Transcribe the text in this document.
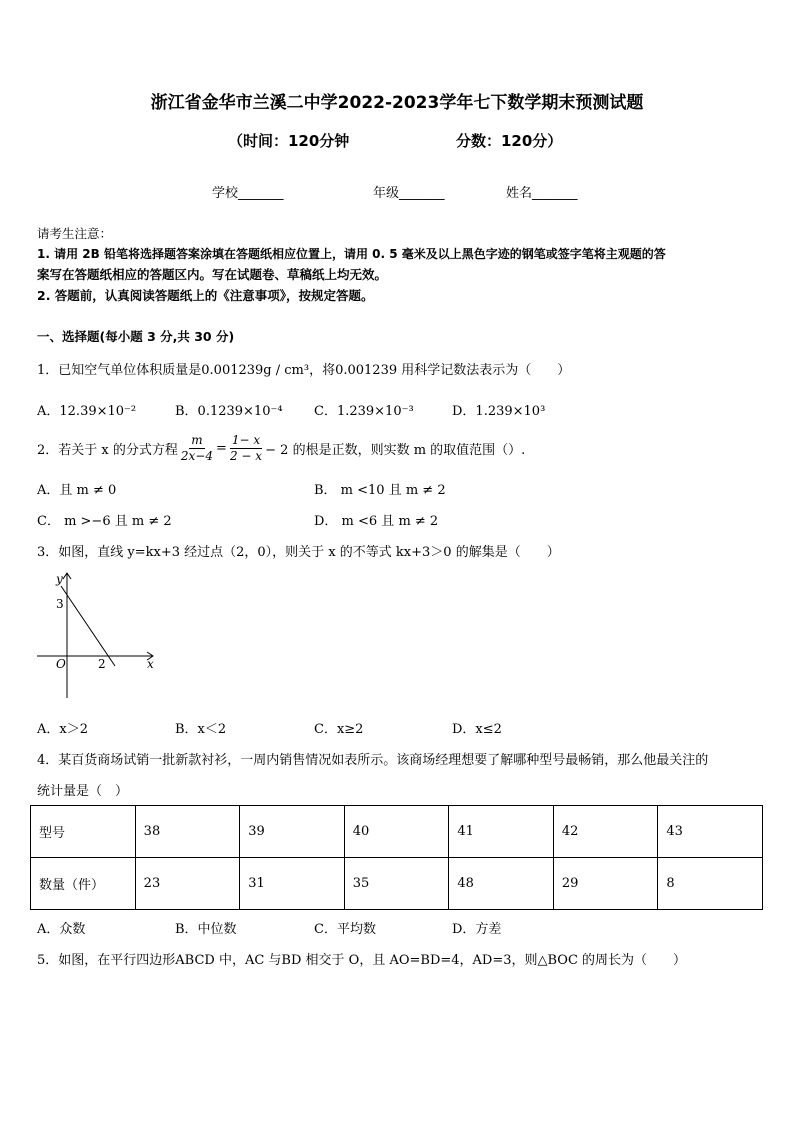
浙江省金华市兰溪二中学2022-2023学年七下数学期末预测试题
（时间：120分钟	分数：120分）
学校_______	年级_______	姓名_______
请考生注意：
1. 请用 2B 铅笔将选择题答案涂填在答题纸相应位置上，请用 0. 5 毫米及以上黑色字迹的钢笔或签字笔将主观题的答
案写在答题纸相应的答题区内。写在试题卷、草稿纸上均无效。
2. 答题前，认真阅读答题纸上的《注意事项》，按规定答题。
一、选择题(每小题 3 分,共 30 分)
1．已知空气单位体积质量是0.001239g / cm³，将0.001239 用科学记数法表示为（　　）
A．12.39×10⁻²	B．0.1239×10⁻⁴ C．1.239×10⁻³	D．1.239×10³
2．若关于 x 的分式方程 $\frac{m}{2x-4} = \frac{1- x}{2 - x} - 2$ 的根是正数，则实数 m 的取值范围（）.
A．且 m ≠ 0	B． m <10 且 m ≠ 2
C． m >−6 且 m ≠ 2	D． m <6 且 m ≠ 2
3．如图，直线 y=kx+3 经过点（2，0），则关于 x 的不等式 kx+3＞0 的解集是（　　）
y
x
O
3
2
A．x＞2	B．x＜2	C．x≥2	D．x≤2
4．某百货商场试销一批新款衬衫，一周内销售情况如表所示。该商场经理想要了解哪种型号最畅销，那么他最关注的
统计量是（　）
型号	38	39	40	41	42	43
数量（件）	23	31	35	48	29	8
A．众数	B．中位数	C．平均数	D．方差
5．如图，在平行四边形ABCD 中，AC 与BD 相交于 O，且 AO=BD=4，AD=3，则△BOC 的周长为（　　）
